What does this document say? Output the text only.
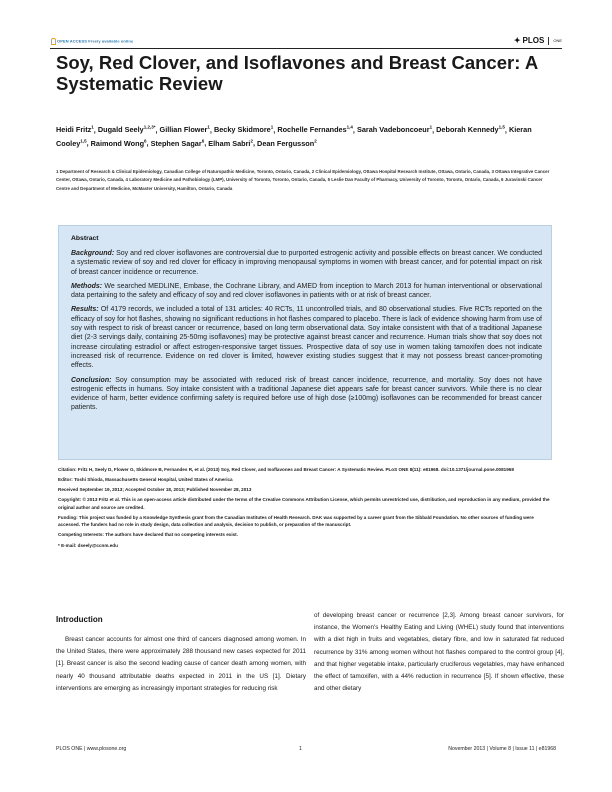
OPEN ACCESS Freely available online	✦ PLOS ONE
Soy, Red Clover, and Isoflavones and Breast Cancer: A Systematic Review
Heidi Fritz$^1$, Dugald Seely$^{1,2,3*}$, Gillian Flower$^1$, Becky Skidmore$^1$, Rochelle Fernandes$^{1,4}$, Sarah Vadeboncoeur$^1$, Deborah Kennedy$^{1,5}$, Kieran Cooley$^{1,5}$, Raimond Wong$^6$, Stephen Sagar$^6$, Elham Sabri$^2$, Dean Fergusson$^2$
1 Department of Research & Clinical Epidemiology, Canadian College of Naturopathic Medicine, Toronto, Ontario, Canada, 2 Clinical Epidemiology, Ottawa Hospital Research Institute, Ottawa, Ontario, Canada, 3 Ottawa Integrative Cancer Center, Ottawa, Ontario, Canada, 4 Laboratory Medicine and Pathobiology (LMP), University of Toronto, Toronto, Ontario, Canada, 5 Leslie Dan Faculty of Pharmacy, University of Toronto, Toronto, Ontario, Canada, 6 Juravinski Cancer Centre and Department of Medicine, McMaster University, Hamilton, Ontario, Canada
Abstract

Background: Soy and red clover isoflavones are controversial due to purported estrogenic activity and possible effects on breast cancer. We conducted a systematic review of soy and red clover for efficacy in improving menopausal symptoms in women with breast cancer, and for potential impact on risk of breast cancer incidence or recurrence.

Methods: We searched MEDLINE, Embase, the Cochrane Library, and AMED from inception to March 2013 for human interventional or observational data pertaining to the safety and efficacy of soy and red clover isoflavones in patients with or at risk of breast cancer.

Results: Of 4179 records, we included a total of 131 articles: 40 RCTs, 11 uncontrolled trials, and 80 observational studies. Five RCTs reported on the efficacy of soy for hot flashes, showing no significant reductions in hot flashes compared to placebo. There is lack of evidence showing harm from use of soy with respect to risk of breast cancer or recurrence, based on long term observational data. Soy intake consistent with that of a traditional Japanese diet (2-3 servings daily, containing 25-50mg isoflavones) may be protective against breast cancer and recurrence. Human trials show that soy does not increase circulating estradiol or affect estrogen-responsive target tissues. Prospective data of soy use in women taking tamoxifen does not indicate increased risk of recurrence. Evidence on red clover is limited, however existing studies suggest that it may not possess breast cancer-promoting effects.

Conclusion: Soy consumption may be associated with reduced risk of breast cancer incidence, recurrence, and mortality. Soy does not have estrogenic effects in humans. Soy intake consistent with a traditional Japanese diet appears safe for breast cancer survivors. While there is no clear evidence of harm, better evidence confirming safety is required before use of high dose (≥100mg) isoflavones can be recommended for breast cancer patients.

Citation: Fritz H, Seely D, Flower G, Skidmore B, Fernandes R, et al. (2013) Soy, Red Clover, and Isoflavones and Breast Cancer: A Systematic Review. PLoS ONE 8(11): e81968. doi:10.1371/journal.pone.0081968

Editor: Toshi Shioda, Massachusetts General Hospital, United States of America

Received September 19, 2013; Accepted October 18, 2013; Published November 28, 2013

Copyright: © 2013 Fritz et al. This is an open-access article distributed under the terms of the Creative Commons Attribution License, which permits unrestricted use, distribution, and reproduction in any medium, provided the original author and source are credited.

Funding: This project was funded by a Knowledge Synthesis grant from the Canadian Institutes of Health Research. DAK was supported by a career grant from the Sibbald Foundation. No other sources of funding were accessed. The funders had no role in study design, data collection and analysis, decision to publish, or preparation of the manuscript.

Competing Interests: The authors have declared that no competing interests exist.

* E-mail: dseely@ccnm.edu

Introduction
Breast cancer accounts for almost one third of cancers diagnosed among women. In the United States, there were approximately 288 thousand new cases expected for 2011 [1]. Breast cancer is also the second leading cause of cancer death among women, with nearly 40 thousand attributable deaths expected in 2011 in the US [1]. Dietary interventions are emerging as increasingly important strategies for reducing risk
of developing breast cancer or recurrence [2,3]. Among breast cancer survivors, for instance, the Women's Healthy Eating and Living (WHEL) study found that interventions with a diet high in fruits and vegetables, dietary fibre, and low in saturated fat reduced recurrence by 31% among women without hot flashes compared to the control group [4], and that higher vegetable intake, particularly cruciferous vegetables, may have enhanced the effect of tamoxifen, with a 44% reduction in recurrence [5]. If shown effective, these and other dietary
PLOS ONE | www.plosone.org	1	November 2013 | Volume 8 | Issue 11 | e81968
